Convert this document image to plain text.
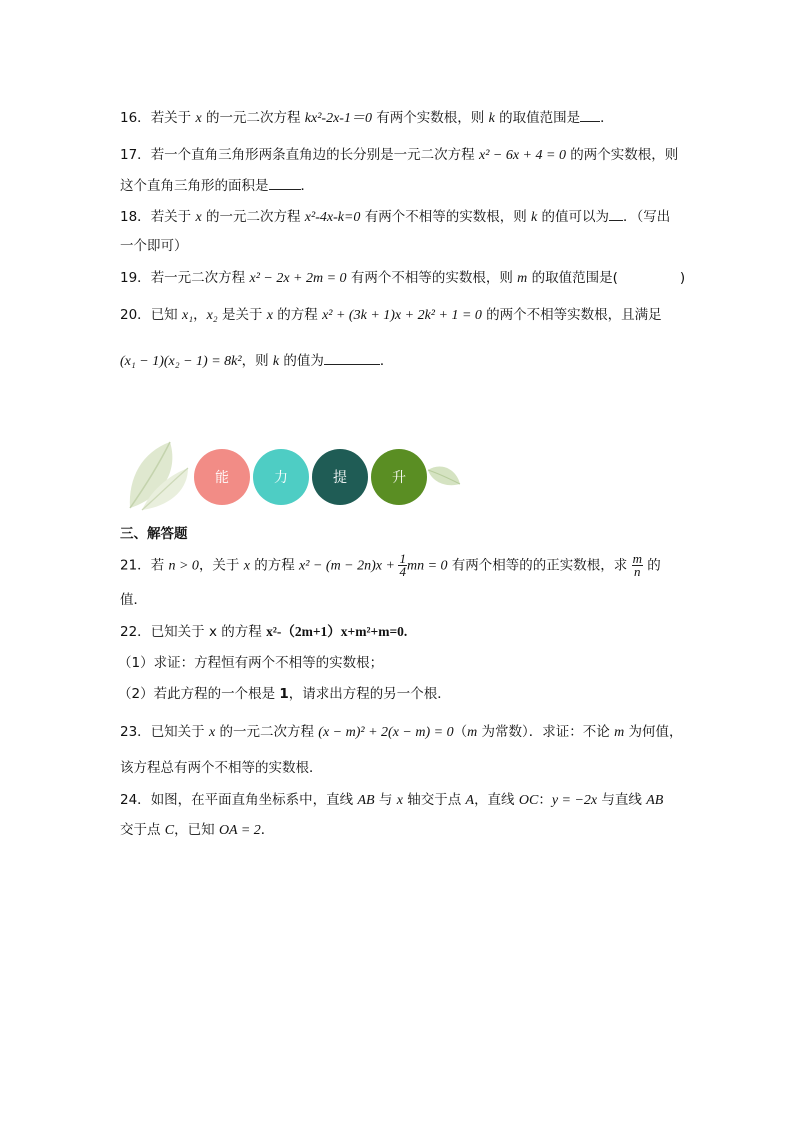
16．若关于 x 的一元二次方程 kx²-2x-1＝0 有两个实数根，则 k 的取值范围是 ．
17．若一个直角三角形两条直角边的长分别是一元二次方程 x² − 6x + 4 = 0 的两个实数根，则
这个直角三角形的面积是 ．
18．若关于 x 的一元二次方程 x²-4x-k=0 有两个不相等的实数根，则 k 的值可以为 ．（写出
一个即可）
19．若一元二次方程 x² − 2x + 2m = 0 有两个不相等的实数根，则 m 的取值范围是(	)
20．已知 x₁，x₂ 是关于 x 的方程 x² + (3k + 1)x + 2k² + 1 = 0 的两个不相等实数根，且满足
(x₁ − 1)(x₂ − 1) = 8k²，则 k 的值为	．
能	力	提	升
三、解答题
21．若 n > 0，关于 x 的方程 $x^2 - (m - 2n)x + \frac{1}{4}$ mn = 0 有两个相等的的正实数根，求 $\frac{m}{n}$ 的
值．
22．已知关于 x 的方程 x²-（2m+1）x+m²+m=0.
（1）求证：方程恒有两个不相等的实数根；
（2）若此方程的一个根是 1，请求出方程的另一个根．
23．已知关于 x 的一元二次方程 (x − m)² + 2(x − m) = 0（m 为常数）．求证：不论 m 为何值，
该方程总有两个不相等的实数根．
24．如图，在平面直角坐标系中，直线 AB 与 x 轴交于点 A，直线 OC：y = −2x 与直线 AB
交于点 C，已知 OA = 2．
